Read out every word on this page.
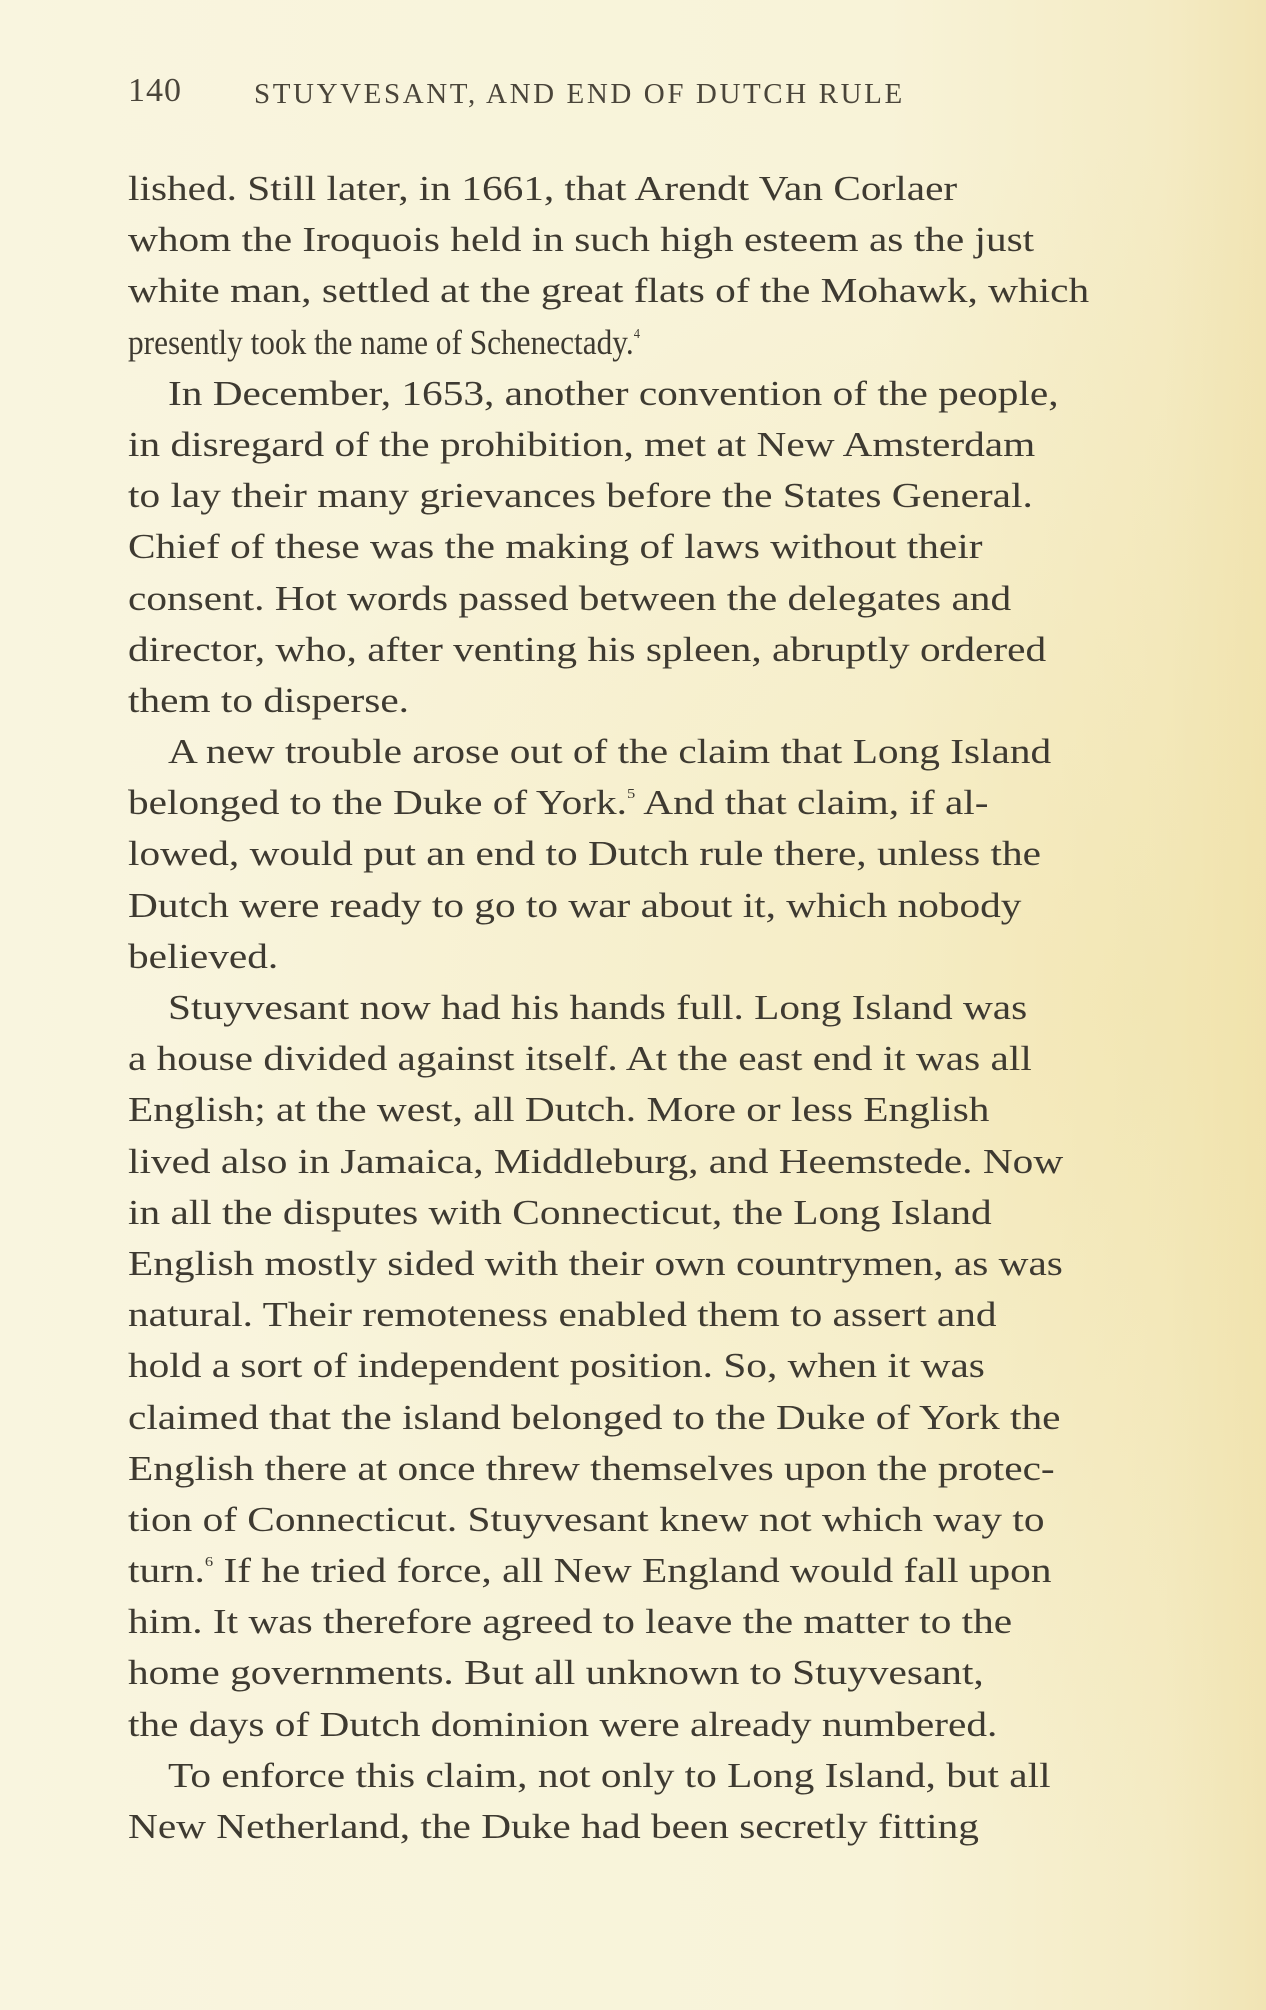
140 STUYVESANT, AND END OF DUTCH RULE
lished. Still later, in 1661, that Arendt Van Corlaer
whom the Iroquois held in such high esteem as the just
white man, settled at the great flats of the Mohawk, which
presently took the name of Schenectady.$^4$
In December, 1653, another convention of the people,
in disregard of the prohibition, met at New Amsterdam
to lay their many grievances before the States General.
Chief of these was the making of laws without their
consent. Hot words passed between the delegates and
director, who, after venting his spleen, abruptly ordered
them to disperse.
A new trouble arose out of the claim that Long Island
belonged to the Duke of York.$^5$ And that claim, if al-
lowed, would put an end to Dutch rule there, unless the
Dutch were ready to go to war about it, which nobody
believed.
Stuyvesant now had his hands full. Long Island was
a house divided against itself. At the east end it was all
English; at the west, all Dutch. More or less English
lived also in Jamaica, Middleburg, and Heemstede. Now
in all the disputes with Connecticut, the Long Island
English mostly sided with their own countrymen, as was
natural. Their remoteness enabled them to assert and
hold a sort of independent position. So, when it was
claimed that the island belonged to the Duke of York the
English there at once threw themselves upon the protec-
tion of Connecticut. Stuyvesant knew not which way to
turn.$^6$ If he tried force, all New England would fall upon
him. It was therefore agreed to leave the matter to the
home governments. But all unknown to Stuyvesant,
the days of Dutch dominion were already numbered.
To enforce this claim, not only to Long Island, but all
New Netherland, the Duke had been secretly fitting
